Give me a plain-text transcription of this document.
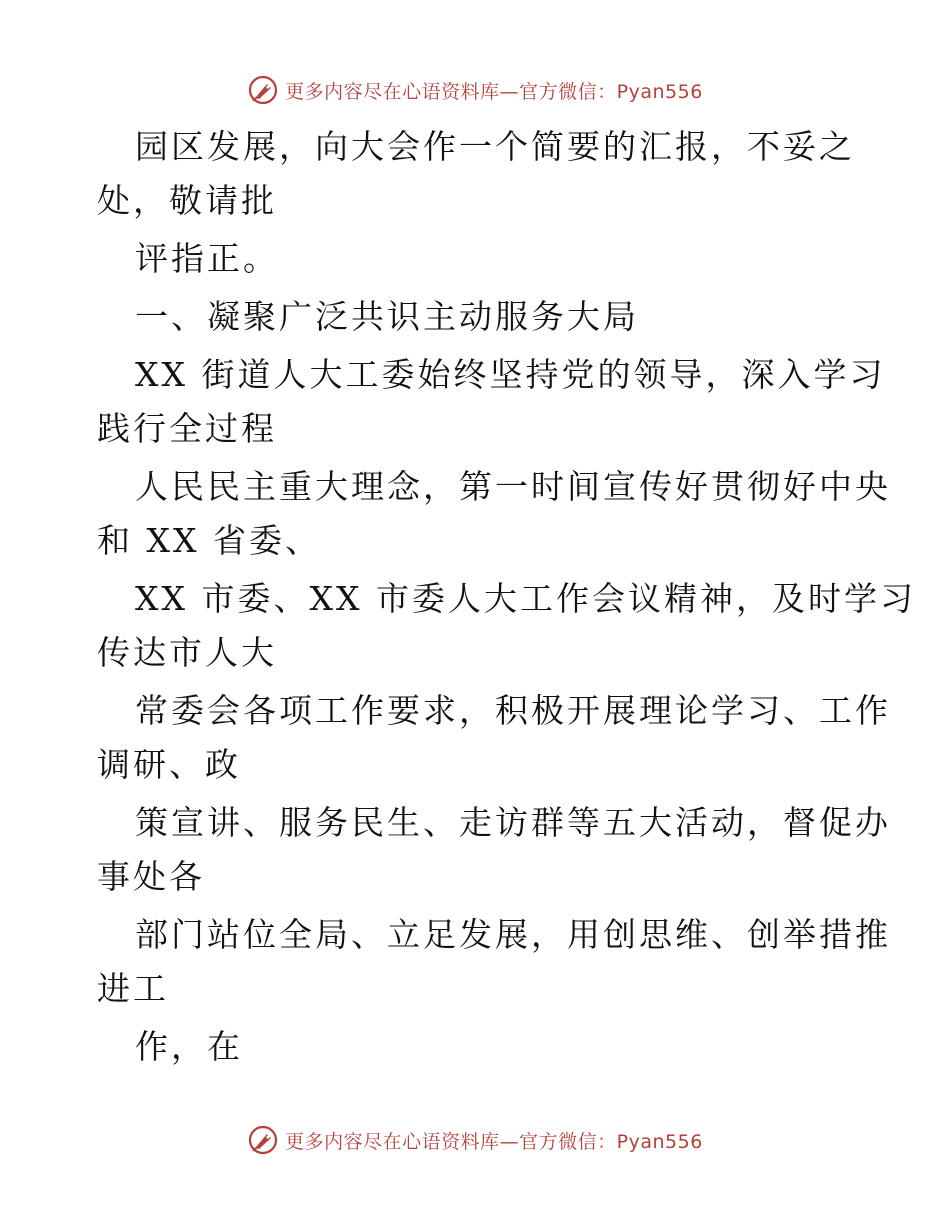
更多内容尽在心语资料库—官方微信：Pyan556
园区发展，向大会作一个简要的汇报，不妥之
处，敬请批
评指正。
一、凝聚广泛共识主动服务大局
XX 街道人大工委始终坚持党的领导，深入学习
践行全过程
人民民主重大理念，第一时间宣传好贯彻好中央
和 XX 省委、
XX 市委、XX 市委人大工作会议精神，及时学习
传达市人大
常委会各项工作要求，积极开展理论学习、工作
调研、政
策宣讲、服务民生、走访群等五大活动，督促办
事处各
部门站位全局、立足发展，用创思维、创举措推
进工
作，在
更多内容尽在心语资料库—官方微信：Pyan556
